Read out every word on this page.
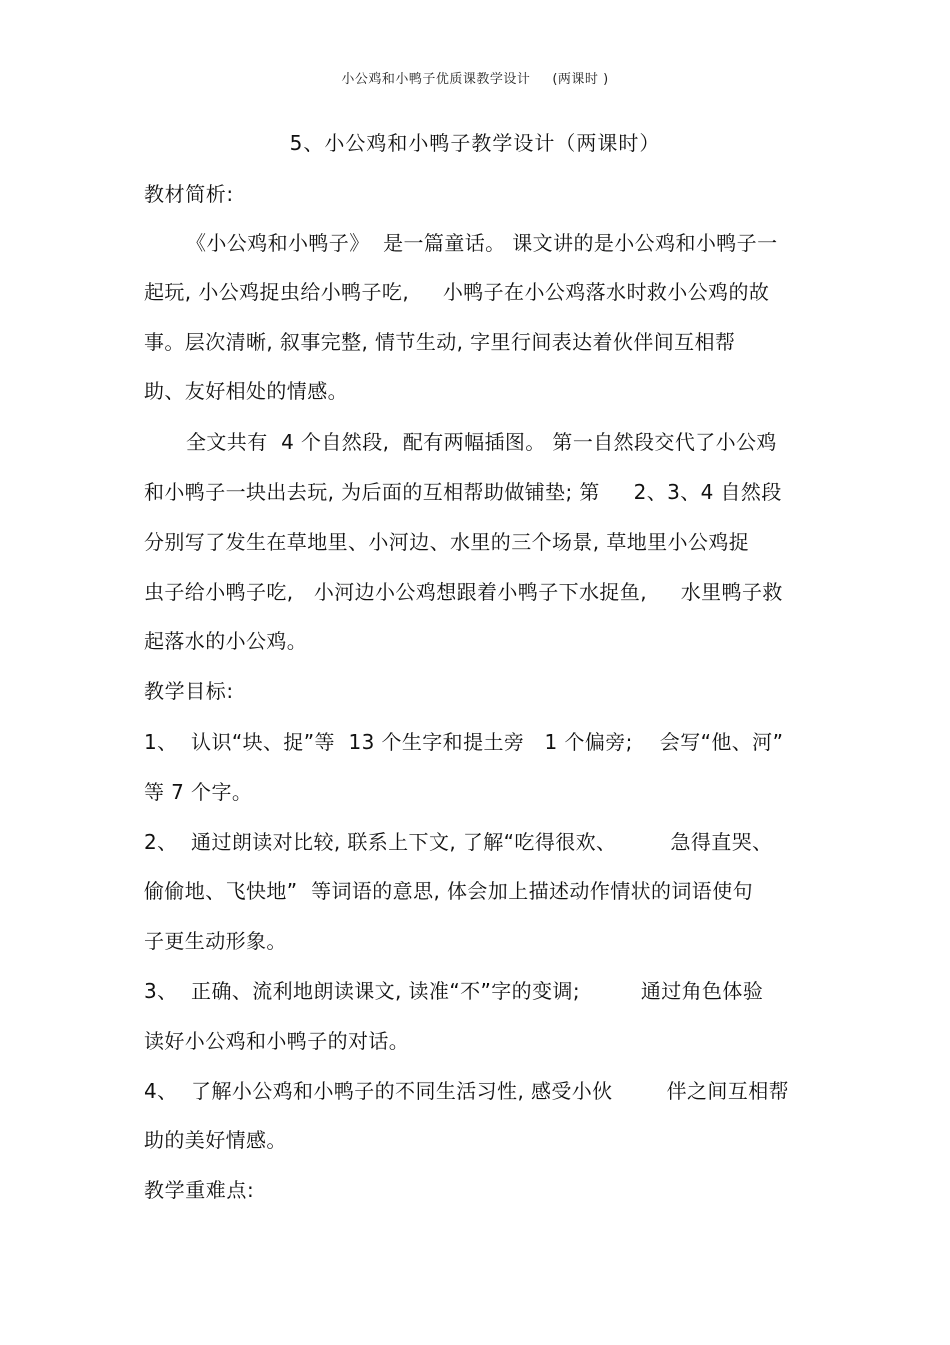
小公鸡和小鸭子优质课教学设计 (两课时 )
5、小公鸡和小鸭子教学设计（两课时）
教材简析:
《小公鸡和小鸭子》  是一篇童话。 课文讲的是小公鸡和小鸭子一
起玩, 小公鸡捉虫给小鸭子吃,     小鸭子在小公鸡落水时救小公鸡的故
事。层次清晰, 叙事完整, 情节生动, 字里行间表达着伙伴间互相帮
助、友好相处的情感。
全文共有  4 个自然段,  配有两幅插图。 第一自然段交代了小公鸡
和小鸭子一块出去玩, 为后面的互相帮助做铺垫; 第     2、3、4 自然段
分别写了发生在草地里、小河边、水里的三个场景, 草地里小公鸡捉
虫子给小鸭子吃,   小河边小公鸡想跟着小鸭子下水捉鱼,     水里鸭子救
起落水的小公鸡。
教学目标:
1、  认识“块、捉”等  13 个生字和提土旁   1 个偏旁;    会写“他、河”
等 7 个字。
2、  通过朗读对比较, 联系上下文, 了解“吃得很欢、        急得直哭、
偷偷地、飞快地”  等词语的意思, 体会加上描述动作情状的词语使句
子更生动形象。
3、  正确、流利地朗读课文, 读准“不”字的变调;         通过角色体验
读好小公鸡和小鸭子的对话。
4、  了解小公鸡和小鸭子的不同生活习性, 感受小伙        伴之间互相帮
助的美好情感。
教学重难点:
